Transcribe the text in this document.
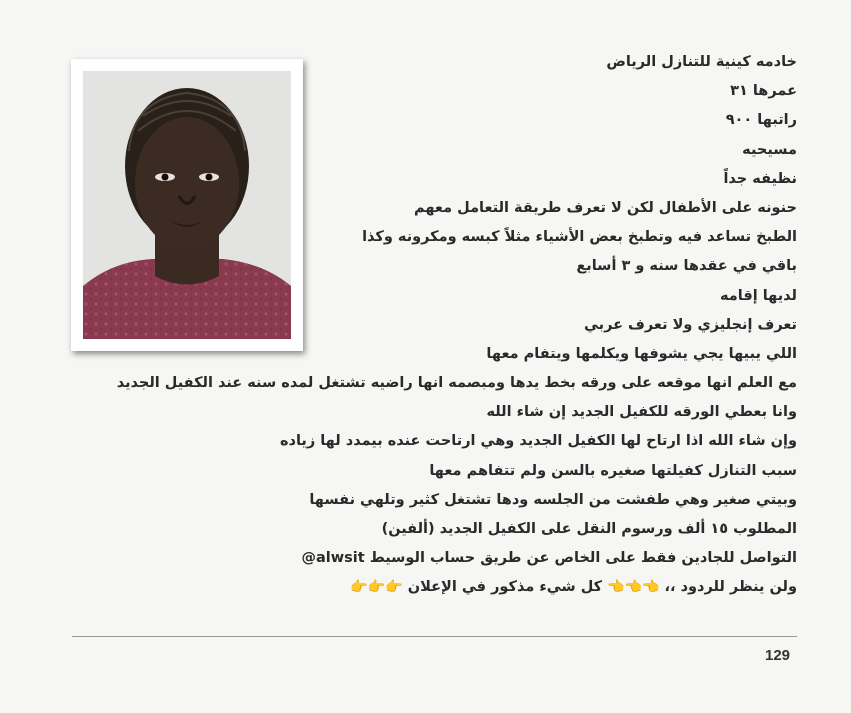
خادمه كينية للتنازل الرياض
عمرها ٣١
راتبها ٩٠٠
مسيحيه
نظيفه جداً
حنونه على الأطفال لكن لا تعرف طريقة التعامل معهم
الطبخ تساعد فيه وتطبخ بعض الأشياء مثلاً كبسه ومكرونه وكذا
باقي في عقدها سنه و ٣ أسابع
لديها إقامه
تعرف إنجليزي ولا تعرف عربي
اللي يبيها يجي يشوفها ويكلمها ويتفام معها
مع العلم انها موقعه على ورقه بخط يدها ومبصمه انها راضيه تشتغل لمده سنه عند الكفيل الجديد
وانا بعطي الورقه للكفيل الجديد إن شاء الله
وإن شاء الله اذا ارتاح لها الكفيل الجديد وهي ارتاحت عنده بيمدد لها زياده
سبب التنازل كفيلتها صغيره بالسن ولم تتفاهم معها
وبيتي صغير وهي طفشت من الجلسه ودها تشتغل كثير وتلهي نفسها
المطلوب ١٥ ألف ورسوم النقل على الكفيل الجديد (ألفين)
التواصل للجادين فقط على الخاص عن طريق حساب الوسيط alwsit@
ولن ينظر للردود ،، 👈👈👈 كل شيء مذكور في الإعلان 👉👉👉
129
